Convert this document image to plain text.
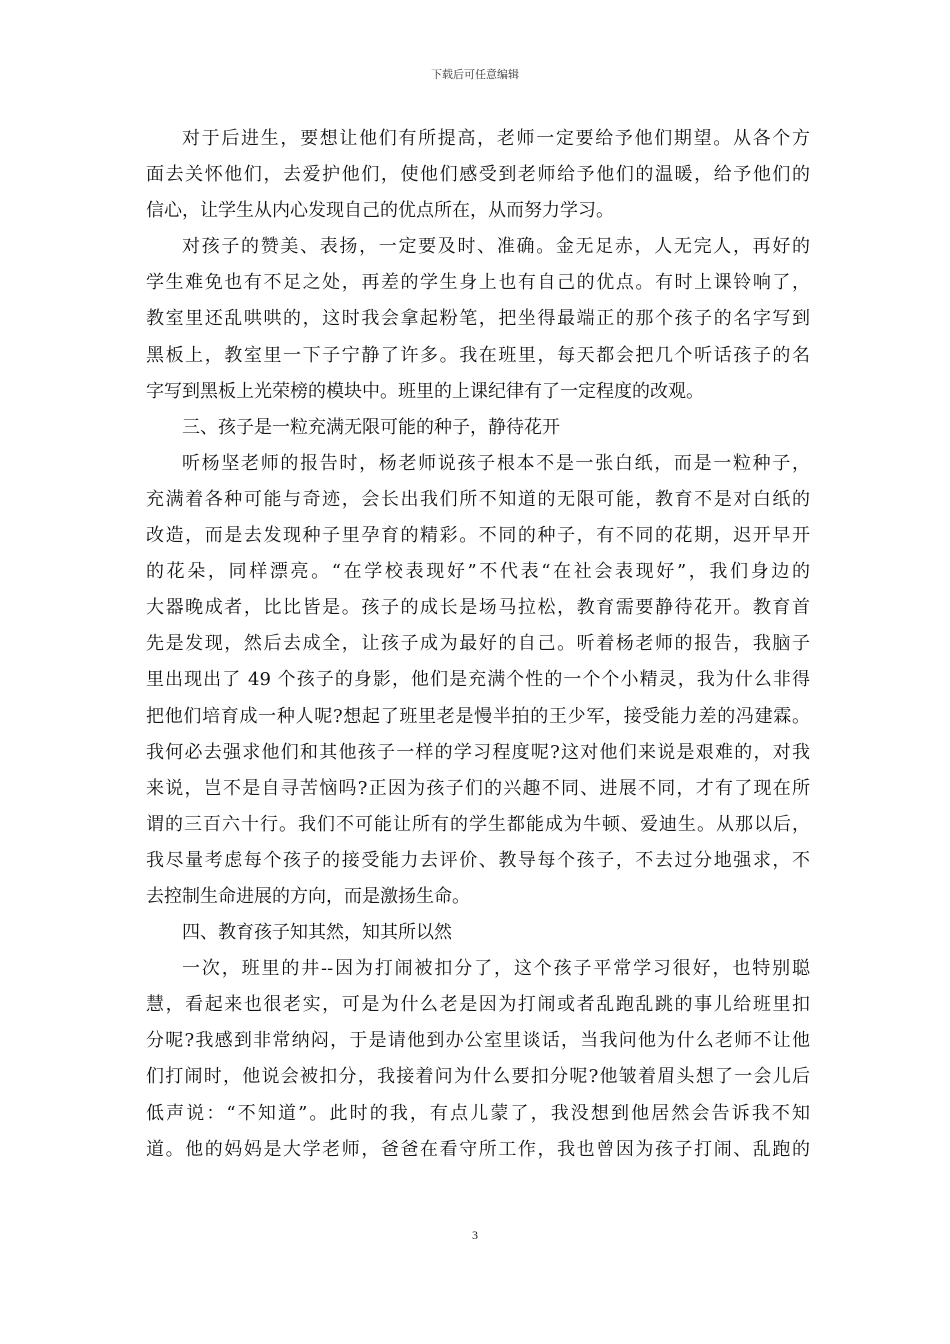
下载后可任意编辑
对于后进生，要想让他们有所提高，老师一定要给予他们期望。从各个方
面去关怀他们，去爱护他们，使他们感受到老师给予他们的温暖，给予他们的
信心，让学生从内心发现自己的优点所在，从而努力学习。
对孩子的赞美、表扬，一定要及时、准确。金无足赤，人无完人，再好的
学生难免也有不足之处，再差的学生身上也有自己的优点。有时上课铃响了，
教室里还乱哄哄的，这时我会拿起粉笔，把坐得最端正的那个孩子的名字写到
黑板上，教室里一下子宁静了许多。我在班里，每天都会把几个听话孩子的名
字写到黑板上光荣榜的模块中。班里的上课纪律有了一定程度的改观。
三、孩子是一粒充满无限可能的种子，静待花开
听杨坚老师的报告时，杨老师说孩子根本不是一张白纸，而是一粒种子，
充满着各种可能与奇迹，会长出我们所不知道的无限可能，教育不是对白纸的
改造，而是去发现种子里孕育的精彩。不同的种子，有不同的花期，迟开早开
的花朵，同样漂亮。“在学校表现好”不代表“在社会表现好”，我们身边的
大器晚成者，比比皆是。孩子的成长是场马拉松，教育需要静待花开。教育首
先是发现，然后去成全，让孩子成为最好的自己。听着杨老师的报告，我脑子
里出现出了 49 个孩子的身影，他们是充满个性的一个个小精灵，我为什么非得
把他们培育成一种人呢?想起了班里老是慢半拍的王少军，接受能力差的冯建霖。
我何必去强求他们和其他孩子一样的学习程度呢?这对他们来说是艰难的，对我
来说，岂不是自寻苦恼吗?正因为孩子们的兴趣不同、进展不同，才有了现在所
谓的三百六十行。我们不可能让所有的学生都能成为牛顿、爱迪生。从那以后，
我尽量考虑每个孩子的接受能力去评价、教导每个孩子，不去过分地强求，不
去控制生命进展的方向，而是激扬生命。
四、教育孩子知其然，知其所以然
一次，班里的井--因为打闹被扣分了，这个孩子平常学习很好，也特别聪
慧，看起来也很老实，可是为什么老是因为打闹或者乱跑乱跳的事儿给班里扣
分呢?我感到非常纳闷，于是请他到办公室里谈话，当我问他为什么老师不让他
们打闹时，他说会被扣分，我接着问为什么要扣分呢?他皱着眉头想了一会儿后
低声说：“不知道”。此时的我，有点儿蒙了，我没想到他居然会告诉我不知
道。他的妈妈是大学老师，爸爸在看守所工作，我也曾因为孩子打闹、乱跑的
3
